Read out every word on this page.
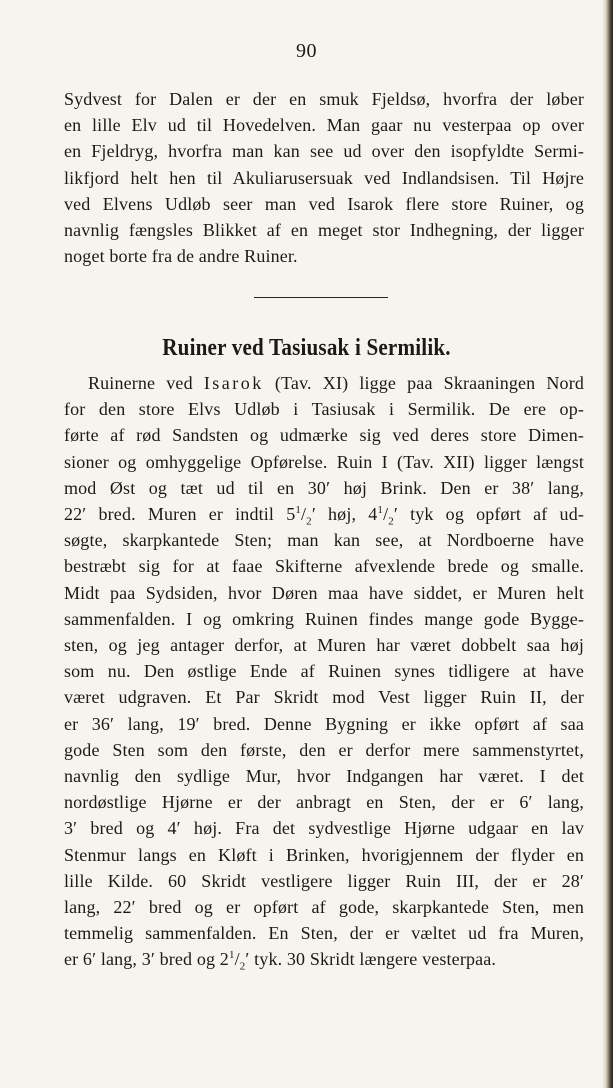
90
Sydvest for Dalen er der en smuk Fjeldsø, hvorfra der løber
en lille Elv ud til Hovedelven. Man gaar nu vesterpaa op over
en Fjeldryg, hvorfra man kan see ud over den isopfyldte Sermi-
likfjord helt hen til Akuliarusersuak ved Indlandsisen. Til Højre
ved Elvens Udløb seer man ved Isarok flere store Ruiner, og
navnlig fængsles Blikket af en meget stor Indhegning, der ligger
noget borte fra de andre Ruiner.
Ruiner ved Tasiusak i Sermilik.
Ruinerne ved Isarok (Tav. XI) ligge paa Skraaningen Nord
for den store Elvs Udløb i Tasiusak i Sermilik. De ere op-
førte af rød Sandsten og udmærke sig ved deres store Dimen-
sioner og omhyggelige Opførelse. Ruin I (Tav. XII) ligger længst
mod Øst og tæt ud til en 30′ høj Brink. Den er 38′ lang,
22′ bred. Muren er indtil $5^1/_2'$ høj, $4^1/_2'$ tyk og opført af ud-
søgte, skarpkantede Sten; man kan see, at Nordboerne have
bestræbt sig for at faae Skifterne afvexlende brede og smalle.
Midt paa Sydsiden, hvor Døren maa have siddet, er Muren helt
sammenfalden. I og omkring Ruinen findes mange gode Bygge-
sten, og jeg antager derfor, at Muren har været dobbelt saa høj
som nu. Den østlige Ende af Ruinen synes tidligere at have
været udgraven. Et Par Skridt mod Vest ligger Ruin II, der
er 36′ lang, 19′ bred. Denne Bygning er ikke opført af saa
gode Sten som den første, den er derfor mere sammenstyrtet,
navnlig den sydlige Mur, hvor Indgangen har været. I det
nordøstlige Hjørne er der anbragt en Sten, der er 6′ lang,
3′ bred og 4′ høj. Fra det sydvestlige Hjørne udgaar en lav
Stenmur langs en Kløft i Brinken, hvorigjennem der flyder en
lille Kilde. 60 Skridt vestligere ligger Ruin III, der er 28′
lang, 22′ bred og er opført af gode, skarpkantede Sten, men
temmelig sammenfalden. En Sten, der er væltet ud fra Muren,
er 6′ lang, 3′ bred og $2^1/_2'$ tyk. 30 Skridt længere vesterpaa.
